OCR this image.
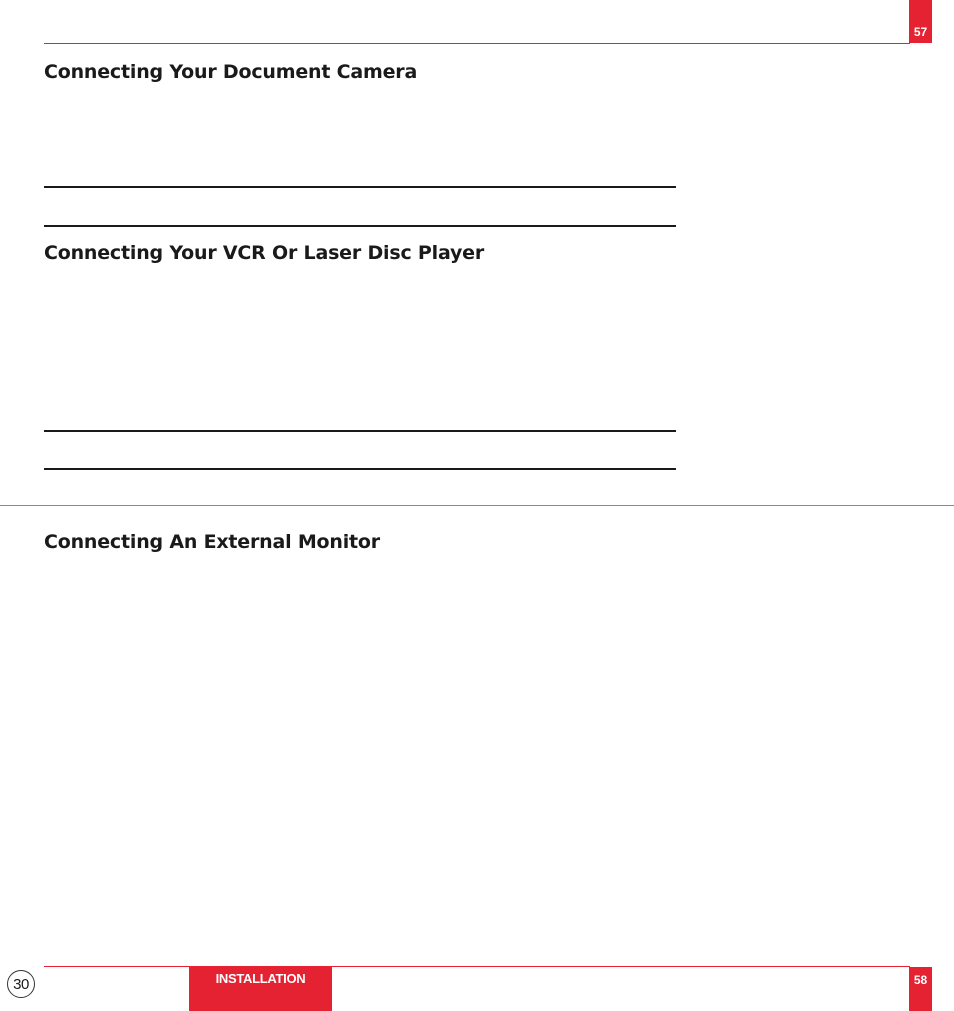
57
Connecting Your Document Camera
Connecting Your VCR Or Laser Disc Player
Connecting An External Monitor
30	INSTALLATION	58
